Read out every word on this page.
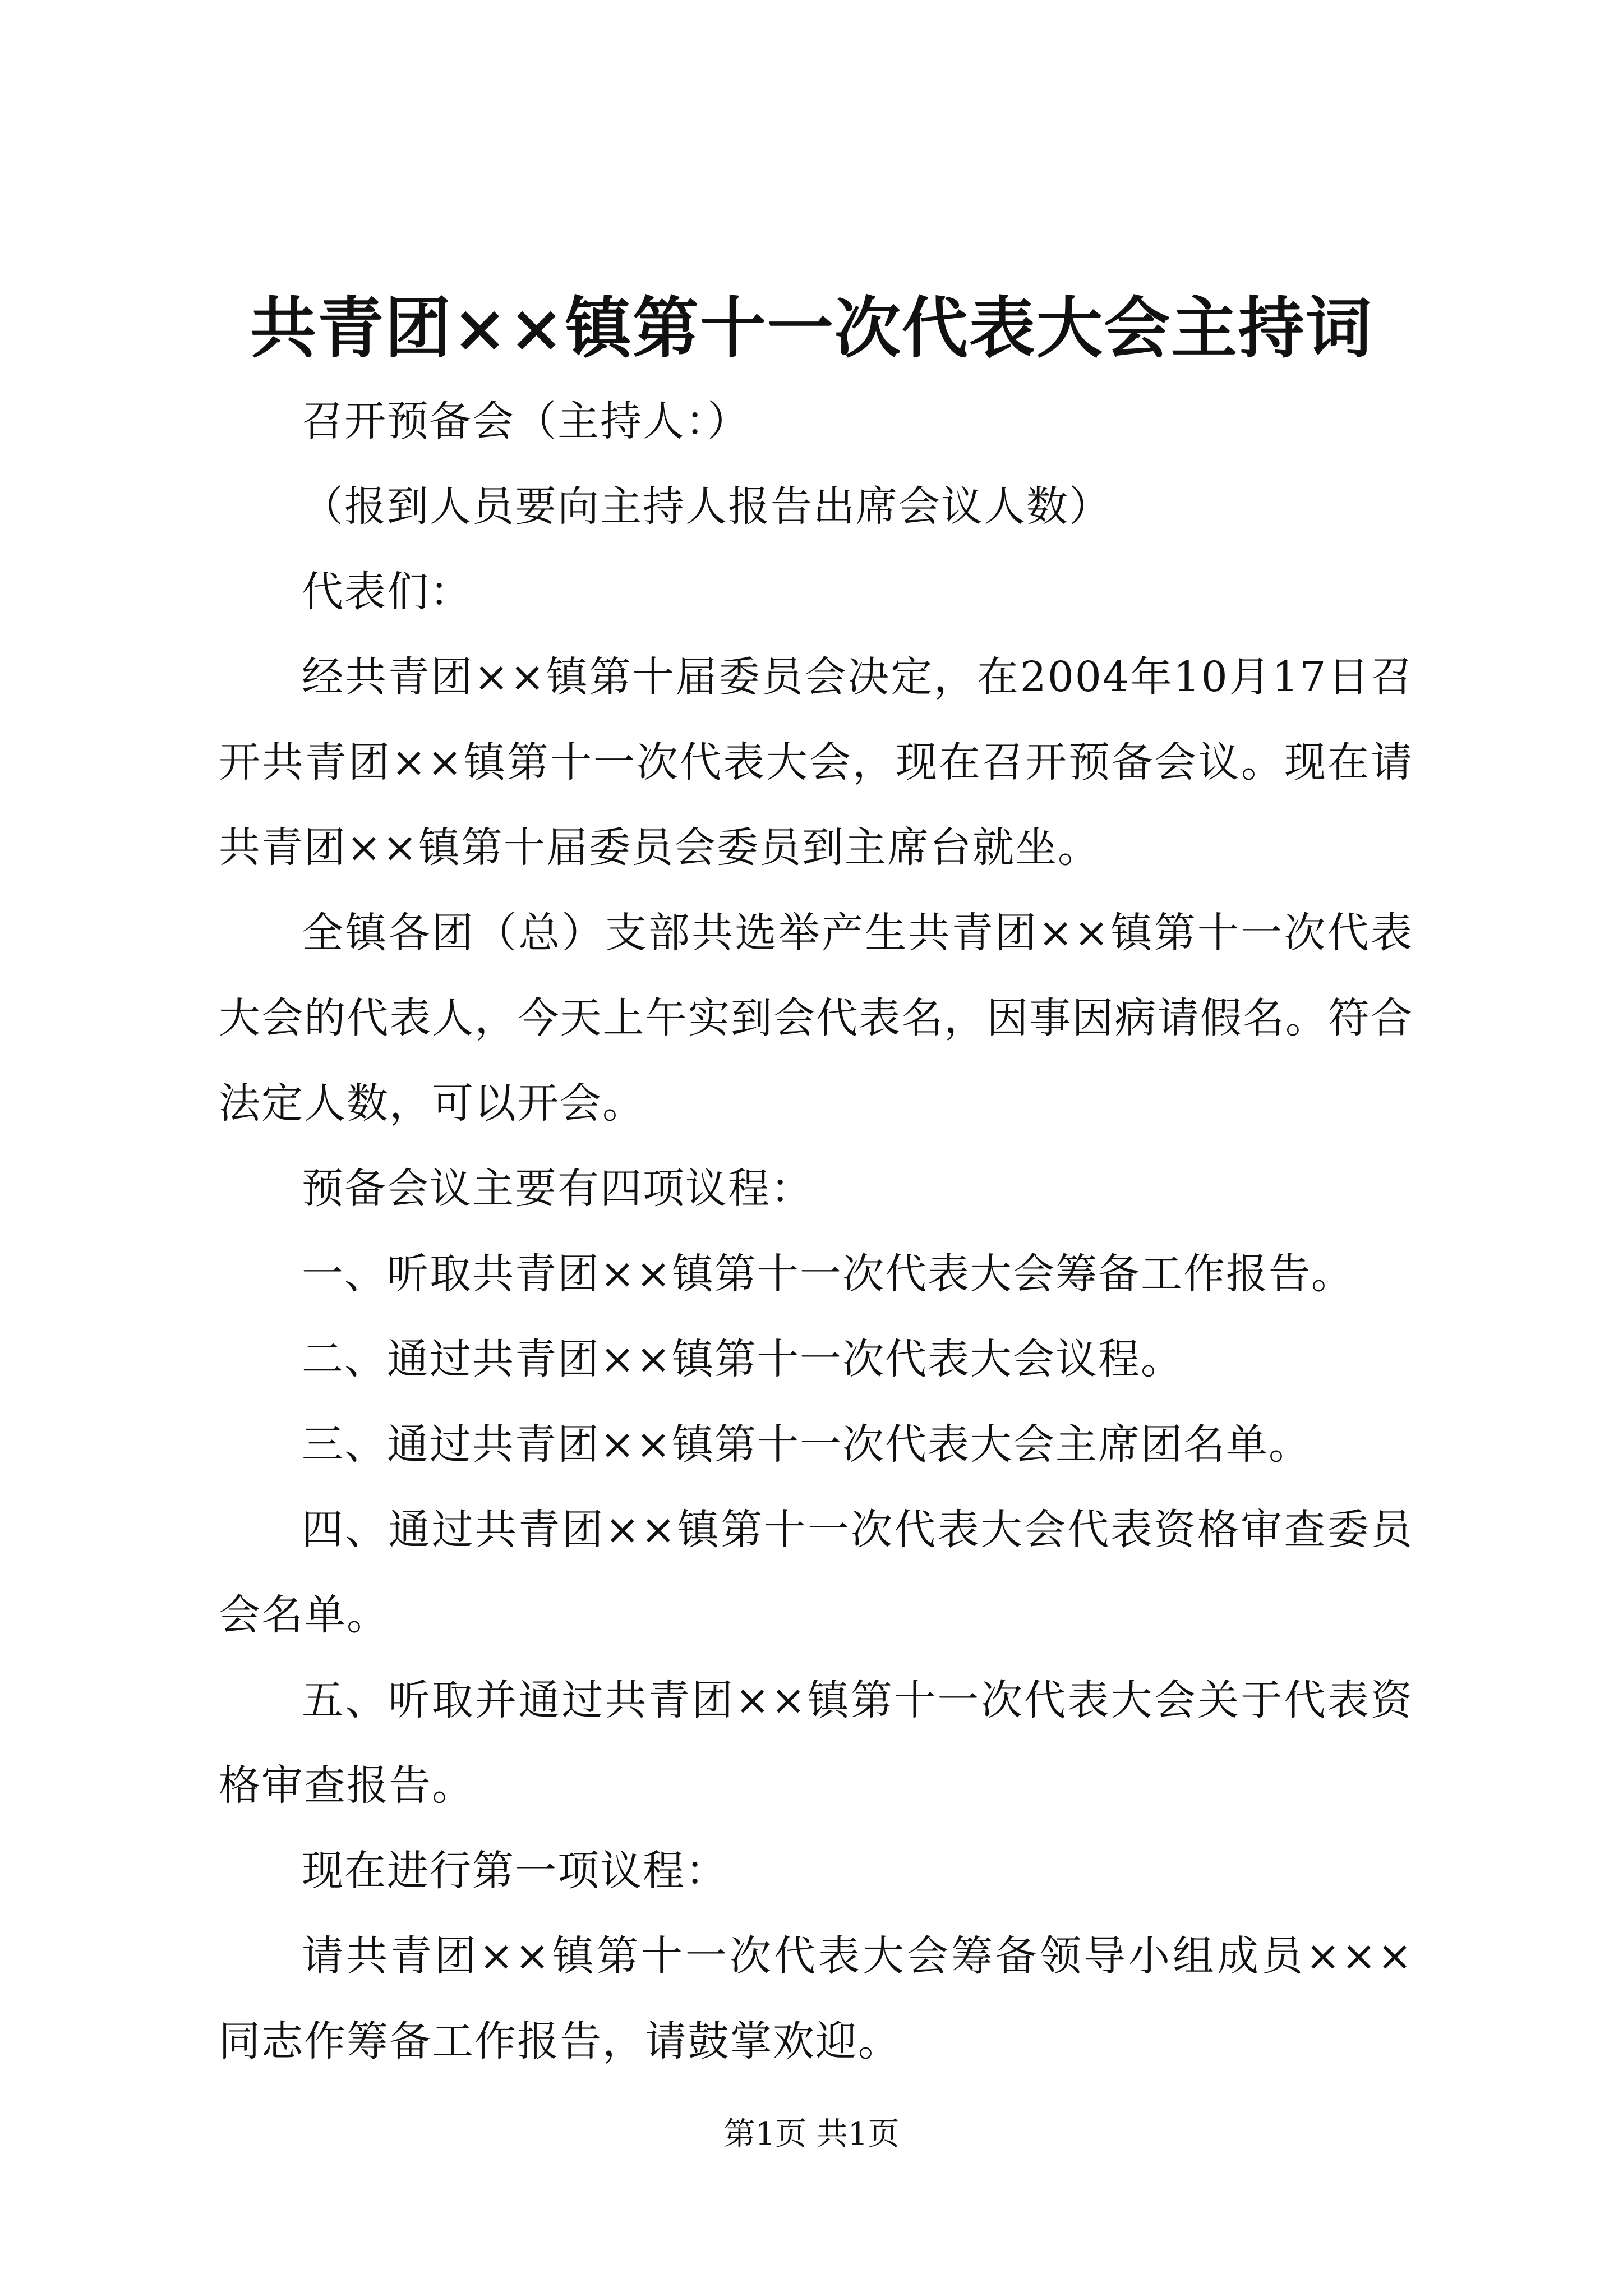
共青团××镇第十一次代表大会主持词

召开预备会（主持人：）

（报到人员要向主持人报告出席会议人数）

代表们：

经共青团××镇第十届委员会决定，在2004年10月17日召开共青团××镇第十一次代表大会，现在召开预备会议。现在请共青团××镇第十届委员会委员到主席台就坐。

全镇各团（总）支部共选举产生共青团××镇第十一次代表大会的代表人，今天上午实到会代表名，因事因病请假名。符合法定人数，可以开会。

预备会议主要有四项议程：

一、听取共青团××镇第十一次代表大会筹备工作报告。

二、通过共青团××镇第十一次代表大会议程。

三、通过共青团××镇第十一次代表大会主席团名单。

四、通过共青团××镇第十一次代表大会代表资格审查委员会名单。

五、听取并通过共青团××镇第十一次代表大会关于代表资格审查报告。

现在进行第一项议程：

请共青团××镇第十一次代表大会筹备领导小组成员×××同志作筹备工作报告，请鼓掌欢迎。

第1页 共1页
